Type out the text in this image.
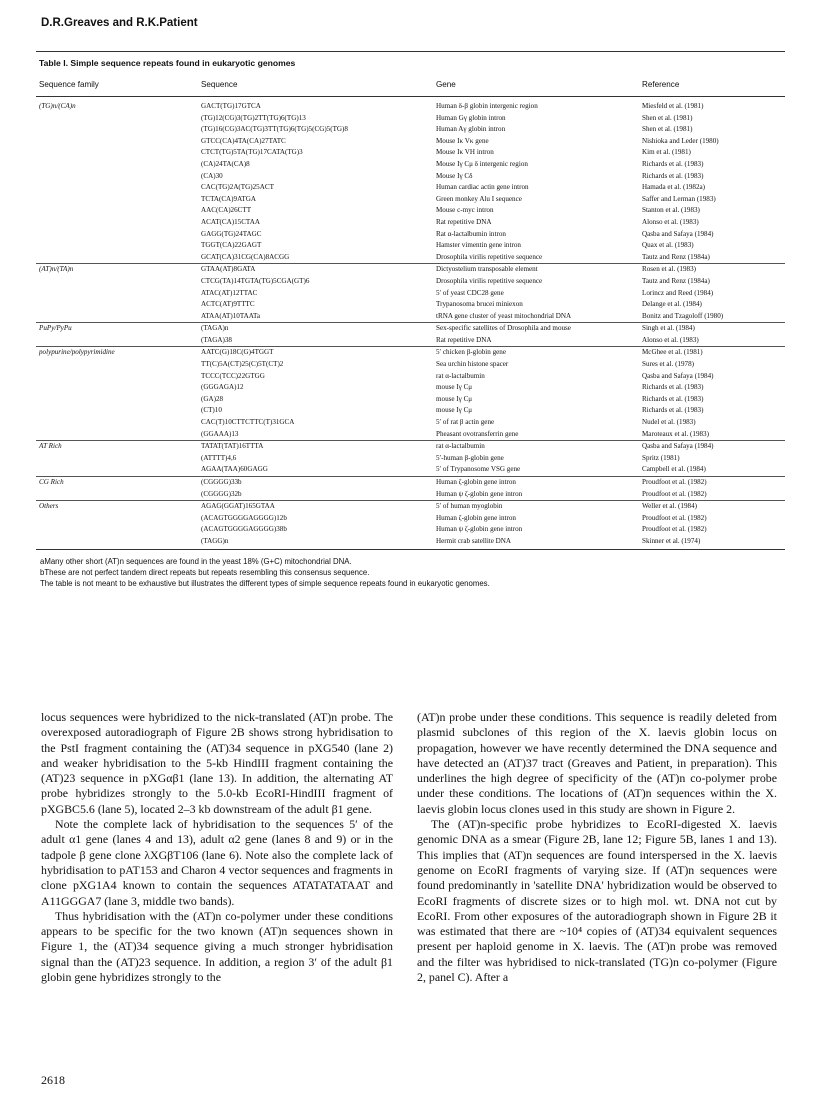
D.R.Greaves and R.K.Patient
Table I. Simple sequence repeats found in eukaryotic genomes
Sequence family	Sequence	Gene	Reference
(TG)n/(CA)n	GACT(TG)17GTCA	Human δ-β globin intergenic region	Miesfeld et al. (1981)
	(TG)12(CG)3(TG)2TT(TG)6(TG)13	Human Gγ globin intron	Shen et al. (1981)
	(TG)16(CG)3AC(TG)3TT(TG)6(TG)5(CG)5(TG)8	Human Aγ globin intron	Shen et al. (1981)
	GTCC(CA)4TA(CA)27TATC	Mouse Iκ Vκ gene	Nishioka and Leder (1980)
	CTCT(TG)5TA(TG)17CATA(TG)3	Mouse Iκ VH intron	Kim et al. (1981)
	(CA)24TA(CA)8	Mouse Iγ Cμ δ intergenic region	Richards et al. (1983)
	(CA)30	Mouse Iγ Cδ	Richards et al. (1983)
	CAC(TG)2A(TG)25ACT	Human cardiac actin gene intron	Hamada et al. (1982a)
	TCTA(CA)9ATGA	Green monkey Alu I sequence	Saffer and Lerman (1983)
	AAC(CA)26CTT	Mouse c-myc intron	Stanton et al. (1983)
	ACAT(CA)15CTAA	Rat repetitive DNA	Alonso et al. (1983)
	GAGG(TG)24TAGC	Rat α-lactalbumin intron	Qasba and Safaya (1984)
	TGGT(CA)22GAGT	Hamster vimentin gene intron	Quax et al. (1983)
	GCAT(CA)31CG(CA)8ACGG	Drosophila virilis repetitive sequence	Tautz and Renz (1984a)
(AT)n/(TA)n	GTAA(AT)8GATA	Dictyostelium transposable element	Rosen et al. (1983)
	CTCG(TA)14TGTA(TG)5CGA(GT)6	Drosophila virilis repetitive sequence	Tautz and Renz (1984a)
	ATAC(AT)12TTAC	5′ of yeast CDC28 gene	Lorincz and Reed (1984)
	ACTC(AT)9TTTC	Trypanosoma brucei miniexon	Delange et al. (1984)
	ATAA(AT)10TAATa	tRNA gene cluster of yeast mitochondrial DNA	Bonitz and Tzagoloff (1980)
PuPy/PyPu	(TAGA)n	Sex-specific satellites of Drosophila and mouse	Singh et al. (1984)
	(TAGA)38	Rat repetitive DNA	Alonso et al. (1983)
polypurine/polypyrimidine	AATC(G)18C(G)4TGGT	5′ chicken β-globin gene	McGhee et al. (1981)
	TT(C)5A(CT)25(C)5T(CT)2	Sea urchin histone spacer	Sures et al. (1978)
	TCCC(TCC)22GTGG	rat α-lactalbumin	Qasba and Safaya (1984)
	(GGGAGA)12	mouse Iγ Cμ	Richards et al. (1983)
	(GA)28	mouse Iγ Cμ	Richards et al. (1983)
	(CT)10	mouse Iγ Cμ	Richards et al. (1983)
	CAC(T)10CTTCTTC(T)31GCA	5′ of rat β actin gene	Nudel et al. (1983)
	(GGAAA)13	Pheasant ovotransferrin gene	Maroteaux et al. (1983)
AT Rich	TATAT(TAT)16TTTA	rat α-lactalbumin	Qasba and Safaya (1984)
	(ATTTT)4,6	5′-human β-globin gene	Spritz (1981)
	AGAA(TAA)60GAGG	5′ of Trypanosome VSG gene	Campbell et al. (1984)
CG Rich	(CGGGG)33b	Human ζ-globin gene intron	Proudfoot et al. (1982)
	(CGGGG)32b	Human ψ ζ-globin gene intron	Proudfoot et al. (1982)
Others	AGAG(GGAT)165GTAA	5′ of human myoglobin	Weller et al. (1984)
	(ACAGTGGGGAGGGG)12b	Human ζ-globin gene intron	Proudfoot et al. (1982)
	(ACAGTGGGGAGGGG)38b	Human ψ ζ-globin gene intron	Proudfoot et al. (1982)
	(TAGG)n	Hermit crab satellite DNA	Skinner et al. (1974)
aMany other short (AT)n sequences are found in the yeast 18% (G+C) mitochondrial DNA.
bThese are not perfect tandem direct repeats but repeats resembling this consensus sequence.
The table is not meant to be exhaustive but illustrates the different types of simple sequence repeats found in eukaryotic genomes.

locus sequences were hybridized to the nick-translated (AT)n probe. The overexposed autoradiograph of Figure 2B shows strong hybridisation to the PstI fragment containing the (AT)34 sequence in pXG540 (lane 2) and weaker hybridisation to the 5-kb HindIII fragment containing the (AT)23 sequence in pXGαβ1 (lane 13). In addition, the alternating AT probe hybridizes strongly to the 5.0-kb EcoRI-HindIII fragment of pXGBC5.6 (lane 5), located 2–3 kb downstream of the adult β1 gene.

Note the complete lack of hybridisation to the sequences 5′ of the adult α1 gene (lanes 4 and 13), adult α2 gene (lanes 8 and 9) or in the tadpole β gene clone λXGβT106 (lane 6). Note also the complete lack of hybridisation to pAT153 and Charon 4 vector sequences and fragments in clone pXG1A4 known to contain the sequences ATATATATAAT and A11GGGA7 (lane 3, middle two bands).

Thus hybridisation with the (AT)n co-polymer under these conditions appears to be specific for the two known (AT)n sequences shown in Figure 1, the (AT)34 sequence giving a much stronger hybridisation signal than the (AT)23 sequence. In addition, a region 3′ of the adult β1 globin gene hybridizes strongly to the

(AT)n probe under these conditions. This sequence is readily deleted from plasmid subclones of this region of the X. laevis globin locus on propagation, however we have recently determined the DNA sequence and have detected an (AT)37 tract (Greaves and Patient, in preparation). This underlines the high degree of specificity of the (AT)n co-polymer probe under these conditions. The locations of (AT)n sequences within the X. laevis globin locus clones used in this study are shown in Figure 2.

The (AT)n-specific probe hybridizes to EcoRI-digested X. laevis genomic DNA as a smear (Figure 2B, lane 12; Figure 5B, lanes 1 and 13). This implies that (AT)n sequences are found interspersed in the X. laevis genome on EcoRI fragments of varying size. If (AT)n sequences were found predominantly in 'satellite DNA' hybridization would be observed to EcoRI fragments of discrete sizes or to high mol. wt. DNA not cut by EcoRI. From other exposures of the autoradiograph shown in Figure 2B it was estimated that there are ~10⁴ copies of (AT)34 equivalent sequences present per haploid genome in X. laevis. The (AT)n probe was removed and the filter was hybridised to nick-translated (TG)n co-polymer (Figure 2, panel C). After a

2618
